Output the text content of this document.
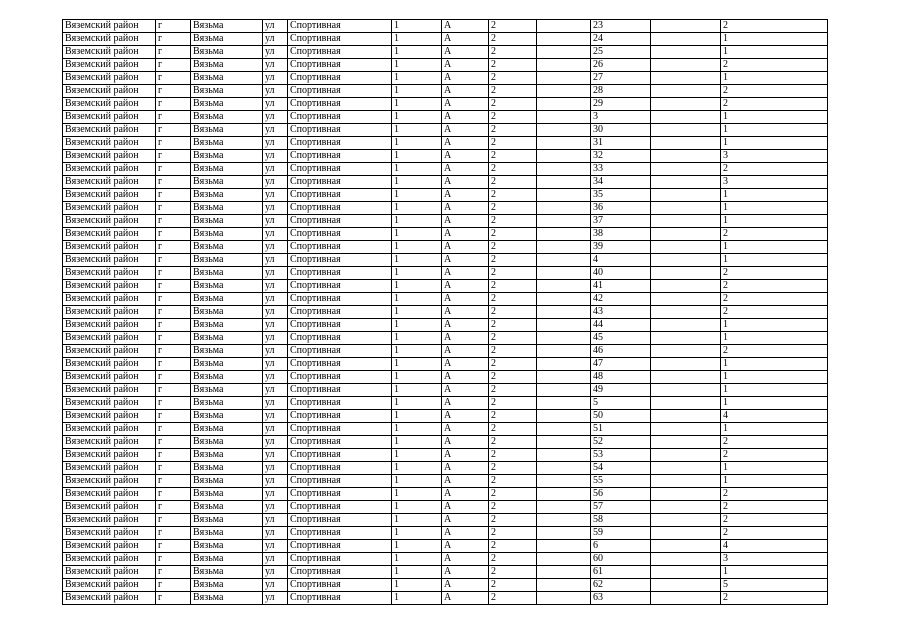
Вяземский район	г	Вязьма	ул	Спортивная	1	А	2		23		2
Вяземский район	г	Вязьма	ул	Спортивная	1	А	2		24		1
Вяземский район	г	Вязьма	ул	Спортивная	1	А	2		25		1
Вяземский район	г	Вязьма	ул	Спортивная	1	А	2		26		2
Вяземский район	г	Вязьма	ул	Спортивная	1	А	2		27		1
Вяземский район	г	Вязьма	ул	Спортивная	1	А	2		28		2
Вяземский район	г	Вязьма	ул	Спортивная	1	А	2		29		2
Вяземский район	г	Вязьма	ул	Спортивная	1	А	2		3		1
Вяземский район	г	Вязьма	ул	Спортивная	1	А	2		30		1
Вяземский район	г	Вязьма	ул	Спортивная	1	А	2		31		1
Вяземский район	г	Вязьма	ул	Спортивная	1	А	2		32		3
Вяземский район	г	Вязьма	ул	Спортивная	1	А	2		33		2
Вяземский район	г	Вязьма	ул	Спортивная	1	А	2		34		3
Вяземский район	г	Вязьма	ул	Спортивная	1	А	2		35		1
Вяземский район	г	Вязьма	ул	Спортивная	1	А	2		36		1
Вяземский район	г	Вязьма	ул	Спортивная	1	А	2		37		1
Вяземский район	г	Вязьма	ул	Спортивная	1	А	2		38		2
Вяземский район	г	Вязьма	ул	Спортивная	1	А	2		39		1
Вяземский район	г	Вязьма	ул	Спортивная	1	А	2		4		1
Вяземский район	г	Вязьма	ул	Спортивная	1	А	2		40		2
Вяземский район	г	Вязьма	ул	Спортивная	1	А	2		41		2
Вяземский район	г	Вязьма	ул	Спортивная	1	А	2		42		2
Вяземский район	г	Вязьма	ул	Спортивная	1	А	2		43		2
Вяземский район	г	Вязьма	ул	Спортивная	1	А	2		44		1
Вяземский район	г	Вязьма	ул	Спортивная	1	А	2		45		1
Вяземский район	г	Вязьма	ул	Спортивная	1	А	2		46		2
Вяземский район	г	Вязьма	ул	Спортивная	1	А	2		47		1
Вяземский район	г	Вязьма	ул	Спортивная	1	А	2		48		1
Вяземский район	г	Вязьма	ул	Спортивная	1	А	2		49		1
Вяземский район	г	Вязьма	ул	Спортивная	1	А	2		5		1
Вяземский район	г	Вязьма	ул	Спортивная	1	А	2		50		4
Вяземский район	г	Вязьма	ул	Спортивная	1	А	2		51		1
Вяземский район	г	Вязьма	ул	Спортивная	1	А	2		52		2
Вяземский район	г	Вязьма	ул	Спортивная	1	А	2		53		2
Вяземский район	г	Вязьма	ул	Спортивная	1	А	2		54		1
Вяземский район	г	Вязьма	ул	Спортивная	1	А	2		55		1
Вяземский район	г	Вязьма	ул	Спортивная	1	А	2		56		2
Вяземский район	г	Вязьма	ул	Спортивная	1	А	2		57		2
Вяземский район	г	Вязьма	ул	Спортивная	1	А	2		58		2
Вяземский район	г	Вязьма	ул	Спортивная	1	А	2		59		2
Вяземский район	г	Вязьма	ул	Спортивная	1	А	2		6		4
Вяземский район	г	Вязьма	ул	Спортивная	1	А	2		60		3
Вяземский район	г	Вязьма	ул	Спортивная	1	А	2		61		1
Вяземский район	г	Вязьма	ул	Спортивная	1	А	2		62		5
Вяземский район	г	Вязьма	ул	Спортивная	1	А	2		63		2
